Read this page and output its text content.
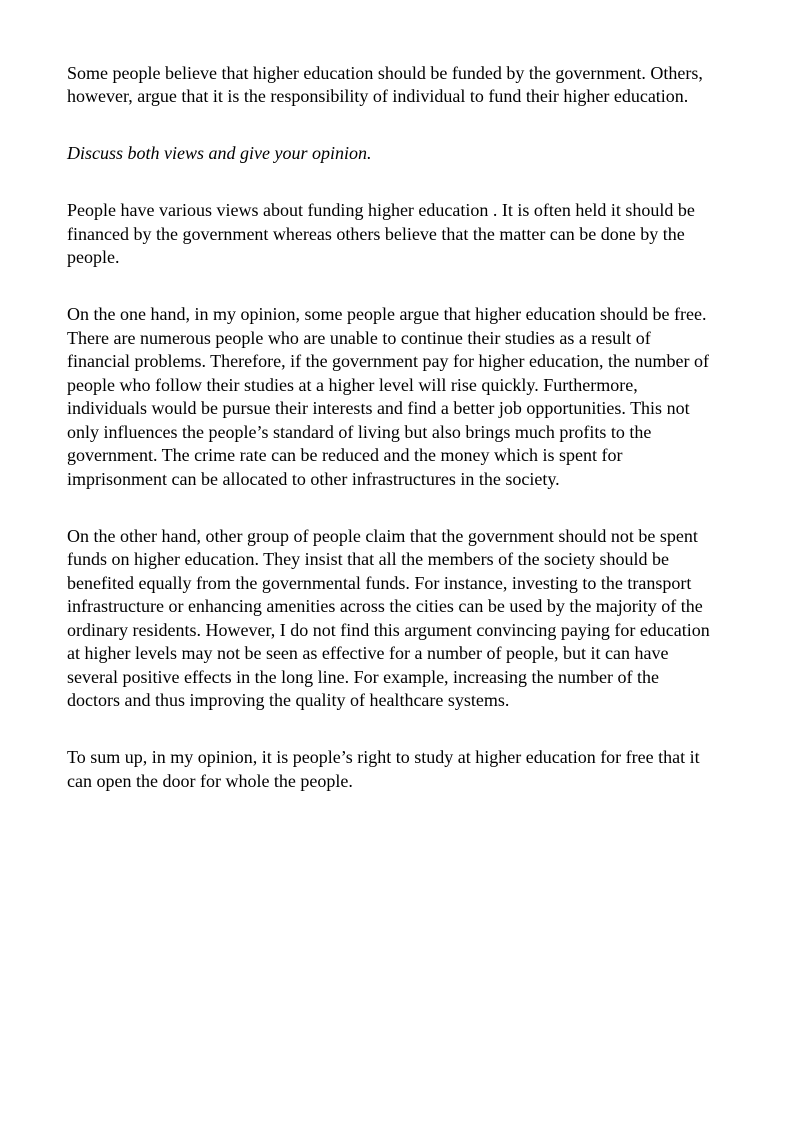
Some people believe that higher education should be funded by the government. Others,
however, argue that it is the responsibility of individual to fund their higher education.

Discuss both views and give your opinion.

People have various views about funding higher education . It is often held it should be
financed by the government whereas others believe that the matter can be done by the
people.

On the one hand, in my opinion, some people argue that higher education should be free.
There are numerous people who are unable to continue their studies as a result of
financial problems. Therefore, if the government pay for higher education, the number of
people who follow their studies at a higher level will rise quickly. Furthermore,
individuals would be pursue their interests and find a better job opportunities. This not
only influences the people’s standard of living but also brings much profits to the
government. The crime rate can be reduced and the money which is spent for
imprisonment can be allocated to other infrastructures in the society.

On the other hand, other group of people claim that the government should not be spent
funds on higher education. They insist that all the members of the society should be
benefited equally from the governmental funds. For instance, investing to the transport
infrastructure or enhancing amenities across the cities can be used by the majority of the
ordinary residents. However, I do not find this argument convincing paying for education
at higher levels may not be seen as effective for a number of people, but it can have
several positive effects in the long line. For example, increasing the number of the
doctors and thus improving the quality of healthcare systems.

To sum up, in my opinion, it is people’s right to study at higher education for free that it
can open the door for whole the people.
